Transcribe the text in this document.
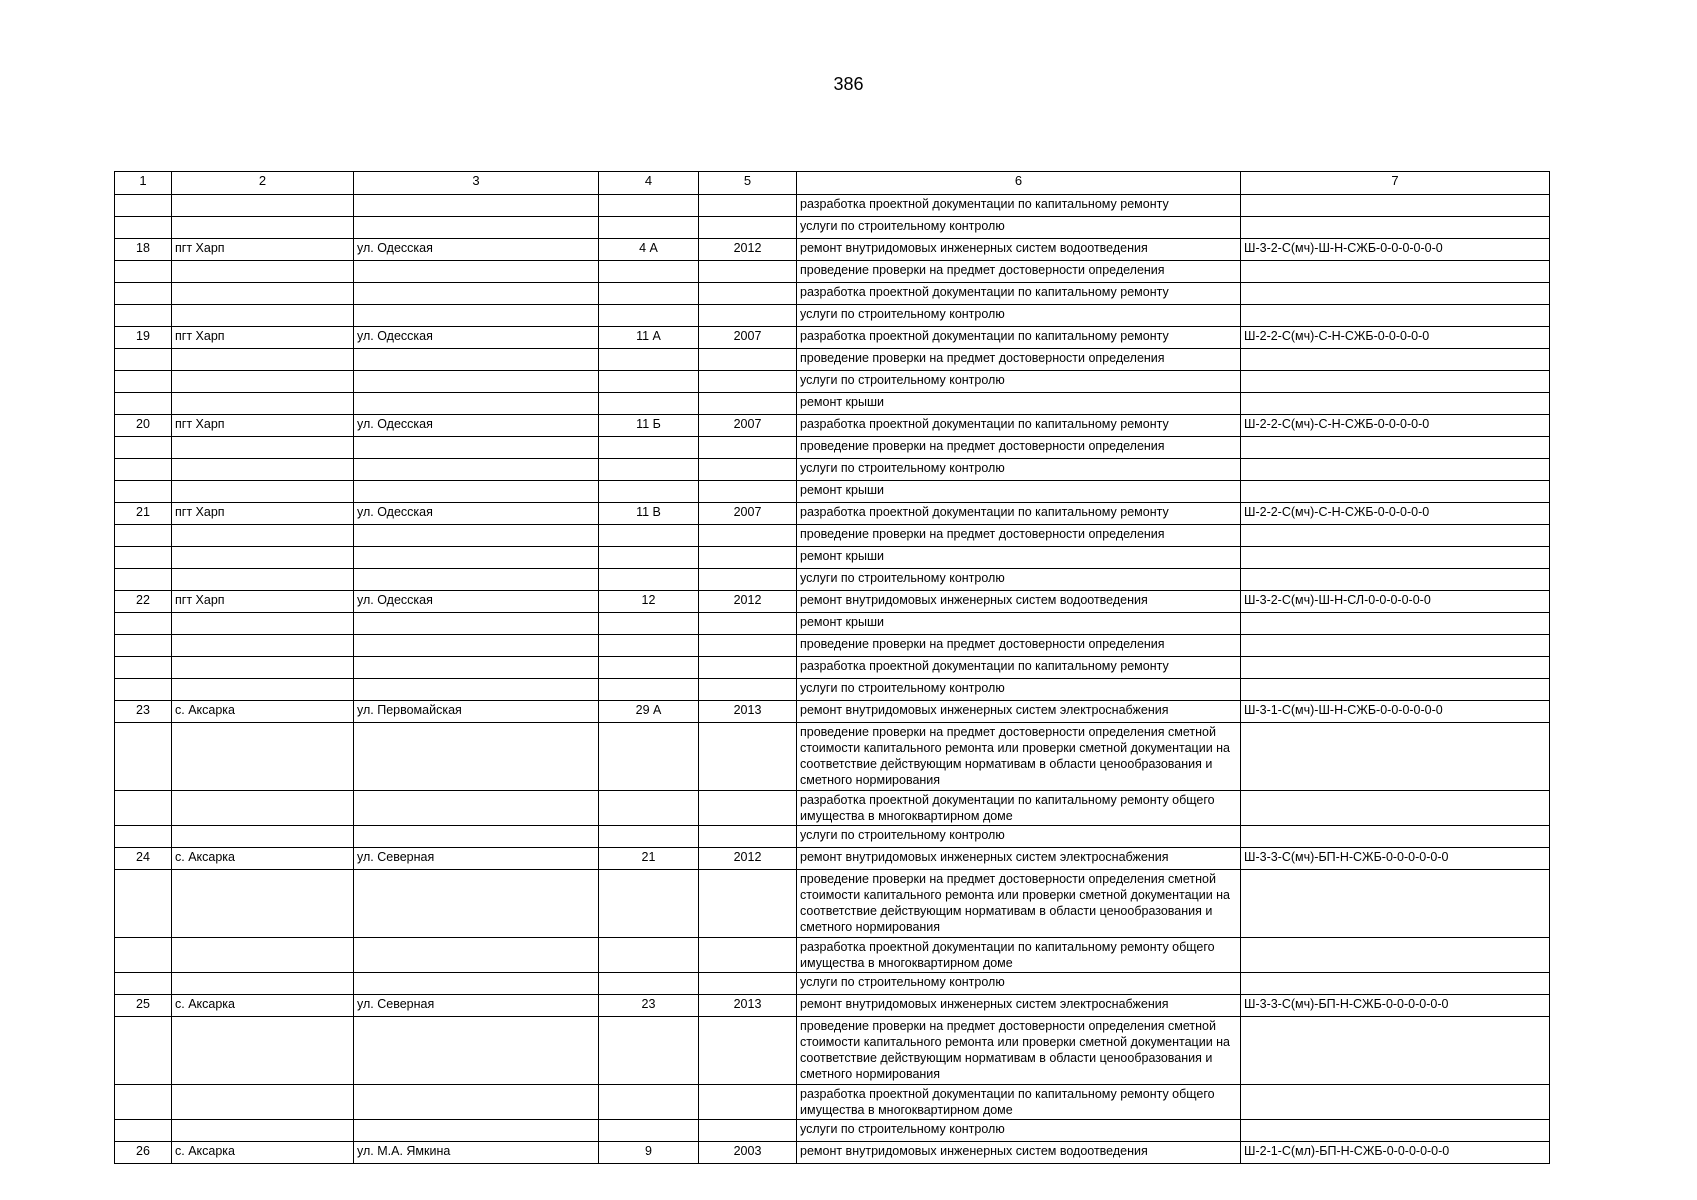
386
1	2	3	4	5	6	7
					разработка проектной документации по капитальному ремонту	
					услуги по строительному контролю	
18	пгт Харп	ул. Одесская	4 А	2012	ремонт внутридомовых инженерных систем водоотведения	Ш-3-2-С(мч)-Ш-Н-СЖБ-0-0-0-0-0-0
					проведение проверки на предмет достоверности определения	
					разработка проектной документации по капитальному ремонту	
					услуги по строительному контролю	
19	пгт Харп	ул. Одесская	11 А	2007	разработка проектной документации по капитальному ремонту	Ш-2-2-С(мч)-С-Н-СЖБ-0-0-0-0-0
					проведение проверки на предмет достоверности определения	
					услуги по строительному контролю	
					ремонт крыши	
20	пгт Харп	ул. Одесская	11 Б	2007	разработка проектной документации по капитальному ремонту	Ш-2-2-С(мч)-С-Н-СЖБ-0-0-0-0-0
					проведение проверки на предмет достоверности определения	
					услуги по строительному контролю	
					ремонт крыши	
21	пгт Харп	ул. Одесская	11 В	2007	разработка проектной документации по капитальному ремонту	Ш-2-2-С(мч)-С-Н-СЖБ-0-0-0-0-0
					проведение проверки на предмет достоверности определения	
					ремонт крыши	
					услуги по строительному контролю	
22	пгт Харп	ул. Одесская	12	2012	ремонт внутридомовых инженерных систем водоотведения	Ш-3-2-С(мч)-Ш-Н-СЛ-0-0-0-0-0-0
					ремонт крыши	
					проведение проверки на предмет достоверности определения	
					разработка проектной документации по капитальному ремонту	
					услуги по строительному контролю	
23	с. Аксарка	ул. Первомайская	29 А	2013	ремонт внутридомовых инженерных систем электроснабжения	Ш-3-1-С(мч)-Ш-Н-СЖБ-0-0-0-0-0-0
					проведение проверки на предмет достоверности определения сметной стоимости капитального ремонта или проверки сметной документации на соответствие действующим нормативам в области ценообразования и сметного нормирования	
					разработка проектной документации по капитальному ремонту общего имущества в многоквартирном доме	
					услуги по строительному контролю	
24	с. Аксарка	ул. Северная	21	2012	ремонт внутридомовых инженерных систем электроснабжения	Ш-3-3-С(мч)-БП-Н-СЖБ-0-0-0-0-0-0
					проведение проверки на предмет достоверности определения сметной стоимости капитального ремонта или проверки сметной документации на соответствие действующим нормативам в области ценообразования и сметного нормирования	
					разработка проектной документации по капитальному ремонту общего имущества в многоквартирном доме	
					услуги по строительному контролю	
25	с. Аксарка	ул. Северная	23	2013	ремонт внутридомовых инженерных систем электроснабжения	Ш-3-3-С(мч)-БП-Н-СЖБ-0-0-0-0-0-0
					проведение проверки на предмет достоверности определения сметной стоимости капитального ремонта или проверки сметной документации на соответствие действующим нормативам в области ценообразования и сметного нормирования	
					разработка проектной документации по капитальному ремонту общего имущества в многоквартирном доме	
					услуги по строительному контролю	
26	с. Аксарка	ул. М.А. Ямкина	9	2003	ремонт внутридомовых инженерных систем водоотведения	Ш-2-1-С(мл)-БП-Н-СЖБ-0-0-0-0-0-0
